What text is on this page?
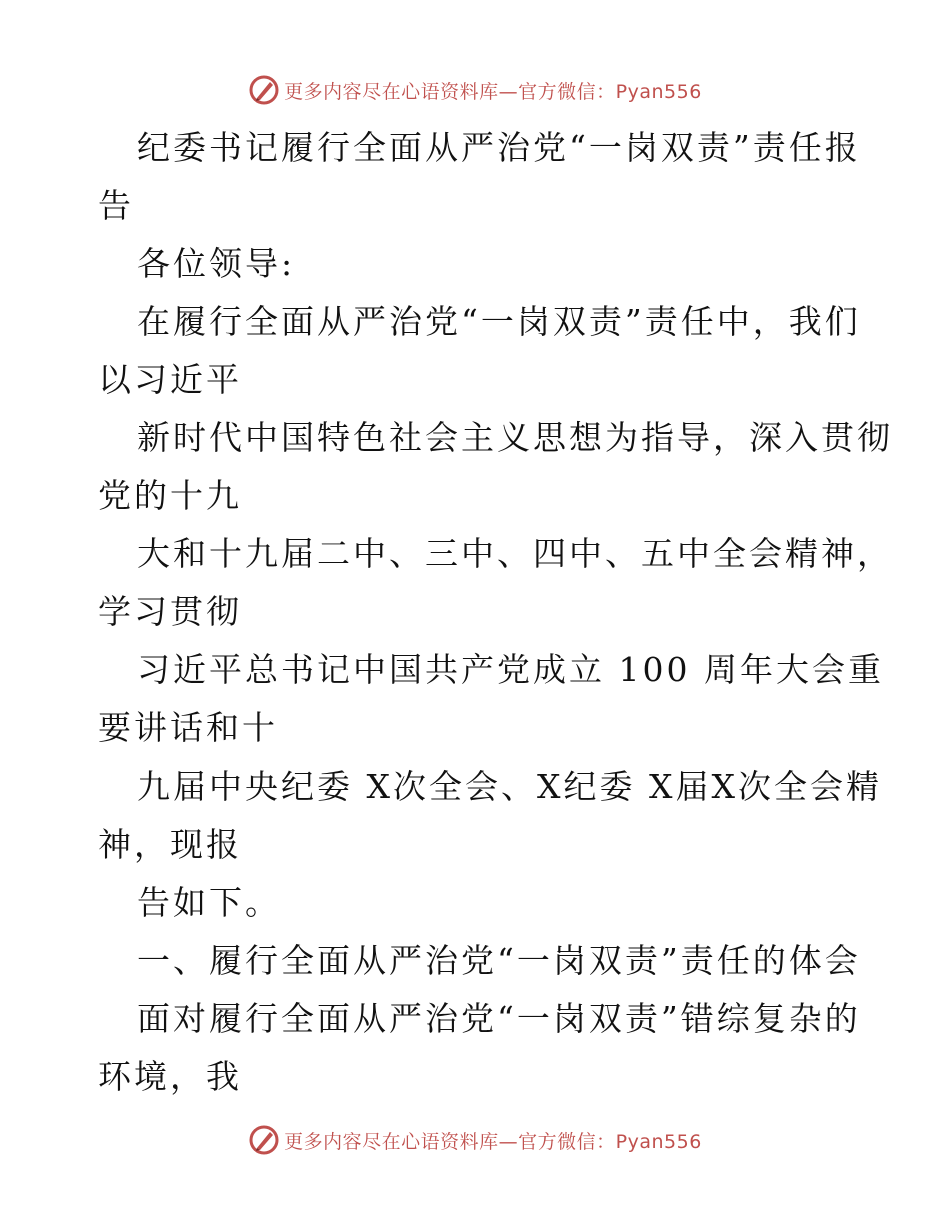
更多内容尽在心语资料库—官方微信：Pyan556
纪委书记履行全面从严治党“一岗双责”责任报
告
各位领导:
在履行全面从严治党“一岗双责”责任中，我们
以习近平
新时代中国特色社会主义思想为指导，深入贯彻
党的十九
大和十九届二中、三中、四中、五中全会精神，
学习贯彻
习近平总书记中国共产党成立 100 周年大会重
要讲话和十
九届中央纪委 X次全会、X纪委 X届X次全会精
神，现报
告如下。
一、履行全面从严治党“一岗双责”责任的体会
面对履行全面从严治党“一岗双责”错综复杂的
环境，我
更多内容尽在心语资料库—官方微信：Pyan556
